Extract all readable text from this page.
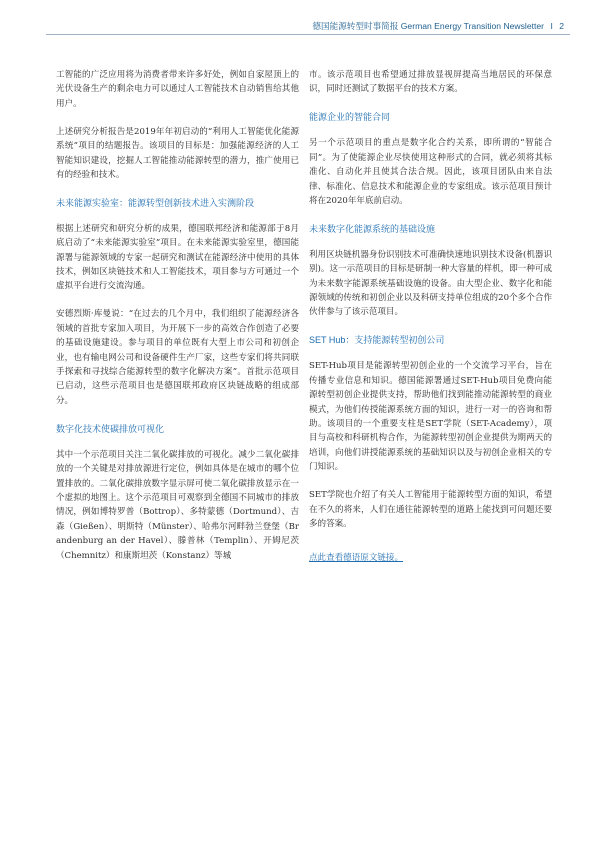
德国能源转型时事简报 German Energy Transition Newsletter I 2

工智能的广泛应用将为消费者带来许多好处，例如自家屋顶上的光伏设备生产的剩余电力可以通过人工智能技术自动销售给其他用户。

上述研究分析报告是2019年年初启动的“利用人工智能优化能源系统”项目的结题报告。该项目的目标是：加强能源经济的人工智能知识建设，挖掘人工智能推动能源转型的潜力，推广使用已有的经验和技术。

未来能源实验室：能源转型创新技术进入实测阶段

根据上述研究和研究分析的成果，德国联邦经济和能源部于8月底启动了“未来能源实验室”项目。在未来能源实验室里，德国能源署与能源领域的专家一起研究和测试在能源经济中使用的具体技术，例如区块链技术和人工智能技术，项目参与方可通过一个虚拟平台进行交流沟通。

安德烈斯·库曼说：“在过去的几个月中，我们组织了能源经济各领域的首批专家加入项目，为开展下一步的高效合作创造了必要的基础设施建设。参与项目的单位既有大型上市公司和初创企业，也有输电网公司和设备硬件生产厂家，这些专家们将共同联手探索和寻找综合能源转型的数字化解决方案”。首批示范项目已启动，这些示范项目也是德国联邦政府区块链战略的组成部分。

数字化技术使碳排放可视化

其中一个示范项目关注二氧化碳排放的可视化。减少二氧化碳排放的一个关键是对排放源进行定位，例如具体是在城市的哪个位置排放的。二氧化碳排放数字显示屏可使二氧化碳排放显示在一个虚拟的地图上。这个示范项目可观察到全德国不同城市的排放情况，例如博特罗普（Bottrop）、多特蒙德（Dortmund）、吉森（Gießen）、明斯特（Münster）、哈弗尔河畔勃兰登堡（Brandenburg an der Havel）、滕普林（Templin）、开姆尼茨（Chemnitz）和康斯坦茨（Konstanz）等城

市。该示范项目也希望通过排放显视屏提高当地居民的环保意识，同时还测试了数据平台的技术方案。

能源企业的智能合同

另一个示范项目的重点是数字化合约关系，即所谓的“智能合同”。为了使能源企业尽快使用这种形式的合同，就必须将其标准化、自动化并且使其合法合规。因此，该项目团队由来自法律、标准化、信息技术和能源企业的专家组成。该示范项目预计将在2020年年底前启动。

未来数字化能源系统的基础设施

利用区块链机器身份识别技术可准确快速地识别技术设备(机器识别)。这一示范项目的目标是研制一种大容量的样机，即一种可成为未来数字能源系统基础设施的设备。由大型企业、数字化和能源领域的传统和初创企业以及科研支持单位组成的20个多个合作伙伴参与了该示范项目。

SET Hub：支持能源转型初创公司

SET-Hub项目是能源转型初创企业的一个交流学习平台，旨在传播专业信息和知识。德国能源署通过SET-Hub项目免费向能源转型初创企业提供支持，帮助他们找到能推动能源转型的商业模式，为他们传授能源系统方面的知识，进行一对一的咨询和帮助。该项目的一个重要支柱是SET学院（SET-Academy），项目与高校和科研机构合作，为能源转型初创企业提供为期两天的培训，向他们讲授能源系统的基础知识以及与初创企业相关的专门知识。

SET学院也介绍了有关人工智能用于能源转型方面的知识，希望在不久的将来，人们在通往能源转型的道路上能找到可问题还要多的答案。

点此查看德语原文链接。
